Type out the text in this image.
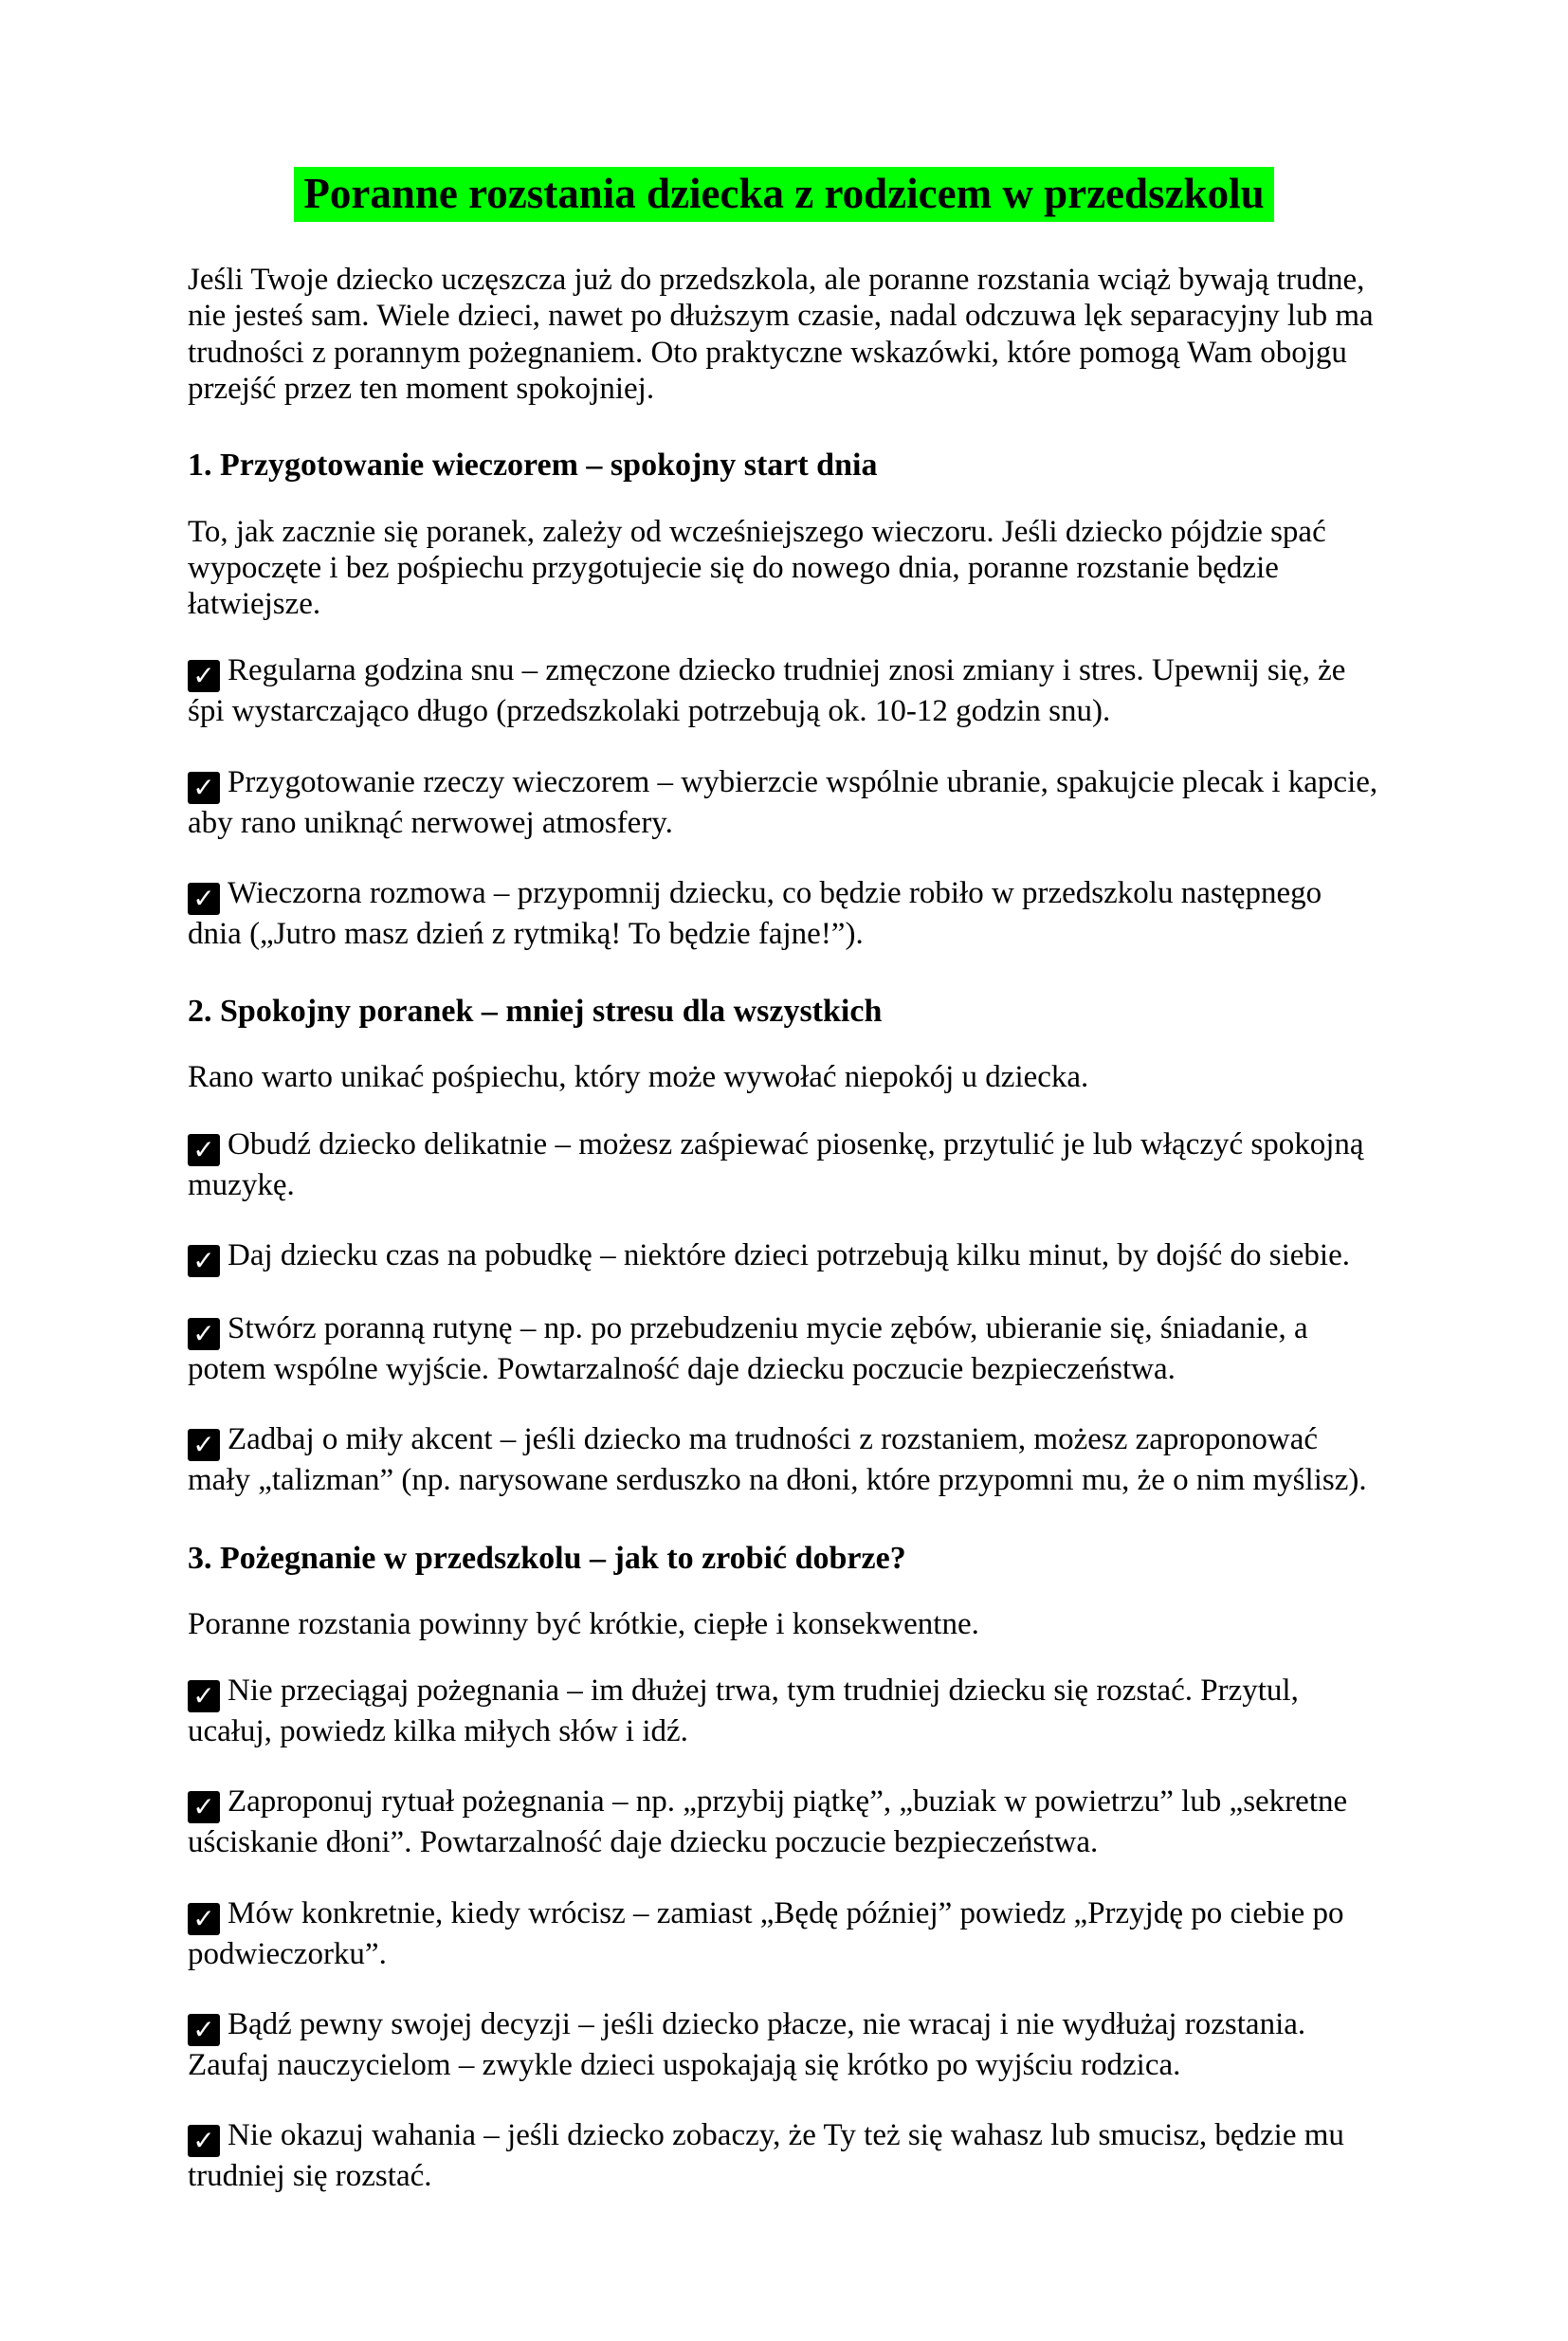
Poranne rozstania dziecka z rodzicem w przedszkolu

Jeśli Twoje dziecko uczęszcza już do przedszkola, ale poranne rozstania wciąż bywają trudne, nie jesteś sam. Wiele dzieci, nawet po dłuższym czasie, nadal odczuwa lęk separacyjny lub ma trudności z porannym pożegnaniem. Oto praktyczne wskazówki, które pomogą Wam obojgu przejść przez ten moment spokojniej.

1. Przygotowanie wieczorem – spokojny start dnia

To, jak zacznie się poranek, zależy od wcześniejszego wieczoru. Jeśli dziecko pójdzie spać wypoczęte i bez pośpiechu przygotujecie się do nowego dnia, poranne rozstanie będzie łatwiejsze.

✓ Regularna godzina snu – zmęczone dziecko trudniej znosi zmiany i stres. Upewnij się, że śpi wystarczająco długo (przedszkolaki potrzebują ok. 10-12 godzin snu).

✓ Przygotowanie rzeczy wieczorem – wybierzcie wspólnie ubranie, spakujcie plecak i kapcie, aby rano uniknąć nerwowej atmosfery.

✓ Wieczorna rozmowa – przypomnij dziecku, co będzie robiło w przedszkolu następnego dnia („Jutro masz dzień z rytmiką! To będzie fajne!”).

2. Spokojny poranek – mniej stresu dla wszystkich

Rano warto unikać pośpiechu, który może wywołać niepokój u dziecka.

✓ Obudź dziecko delikatnie – możesz zaśpiewać piosenkę, przytulić je lub włączyć spokojną muzykę.

✓ Daj dziecku czas na pobudkę – niektóre dzieci potrzebują kilku minut, by dojść do siebie.

✓ Stwórz poranną rutynę – np. po przebudzeniu mycie zębów, ubieranie się, śniadanie, a potem wspólne wyjście. Powtarzalność daje dziecku poczucie bezpieczeństwa.

✓ Zadbaj o miły akcent – jeśli dziecko ma trudności z rozstaniem, możesz zaproponować mały „talizman” (np. narysowane serduszko na dłoni, które przypomni mu, że o nim myślisz).

3. Pożegnanie w przedszkolu – jak to zrobić dobrze?

Poranne rozstania powinny być krótkie, ciepłe i konsekwentne.

✓ Nie przeciągaj pożegnania – im dłużej trwa, tym trudniej dziecku się rozstać. Przytul, ucałuj, powiedz kilka miłych słów i idź.

✓ Zaproponuj rytuał pożegnania – np. „przybij piątkę”, „buziak w powietrzu” lub „sekretne uściskanie dłoni”. Powtarzalność daje dziecku poczucie bezpieczeństwa.

✓ Mów konkretnie, kiedy wrócisz – zamiast „Będę później” powiedz „Przyjdę po ciebie po podwieczorku”.

✓ Bądź pewny swojej decyzji – jeśli dziecko płacze, nie wracaj i nie wydłużaj rozstania. Zaufaj nauczycielom – zwykle dzieci uspokajają się krótko po wyjściu rodzica.

✓ Nie okazuj wahania – jeśli dziecko zobaczy, że Ty też się wahasz lub smucisz, będzie mu trudniej się rozstać.
